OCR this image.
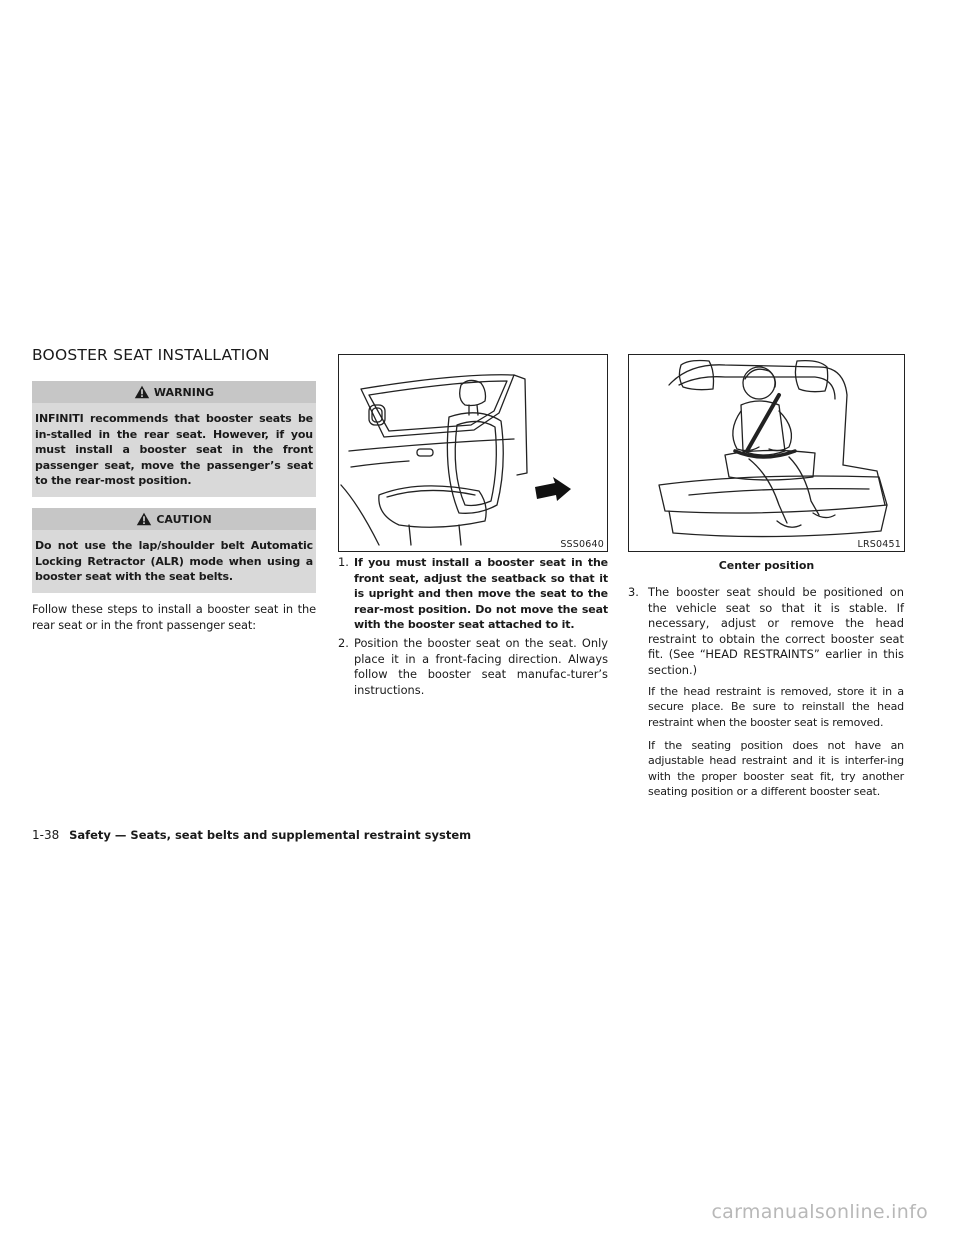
BOOSTER SEAT INSTALLATION
WARNING
INFINITI recommends that booster seats be in-stalled in the rear seat. However, if you must install a booster seat in the front passenger seat, move the passenger’s seat to the rear-most position.
CAUTION
Do not use the lap/shoulder belt Automatic Locking Retractor (ALR) mode when using a booster seat with the seat belts.
Follow these steps to install a booster seat in the rear seat or in the front passenger seat:
SSS0640	LRS0451
Center position
1. If you must install a booster seat in the front seat, adjust the seatback so that it is upright and then move the seat to the rear-most position. Do not move the seat with the booster seat attached to it.
2. Position the booster seat on the seat. Only place it in a front-facing direction. Always follow the booster seat manufac-turer’s instructions.
3. The booster seat should be positioned on the vehicle seat so that it is stable. If necessary, adjust or remove the head restraint to obtain the correct booster seat fit. (See “HEAD RESTRAINTS” earlier in this section.)
If the head restraint is removed, store it in a secure place. Be sure to reinstall the head restraint when the booster seat is removed.
If the seating position does not have an adjustable head restraint and it is interfer-ing with the proper booster seat fit, try another seating position or a different booster seat.
1-38 Safety — Seats, seat belts and supplemental restraint system
carmanualsonline.info
